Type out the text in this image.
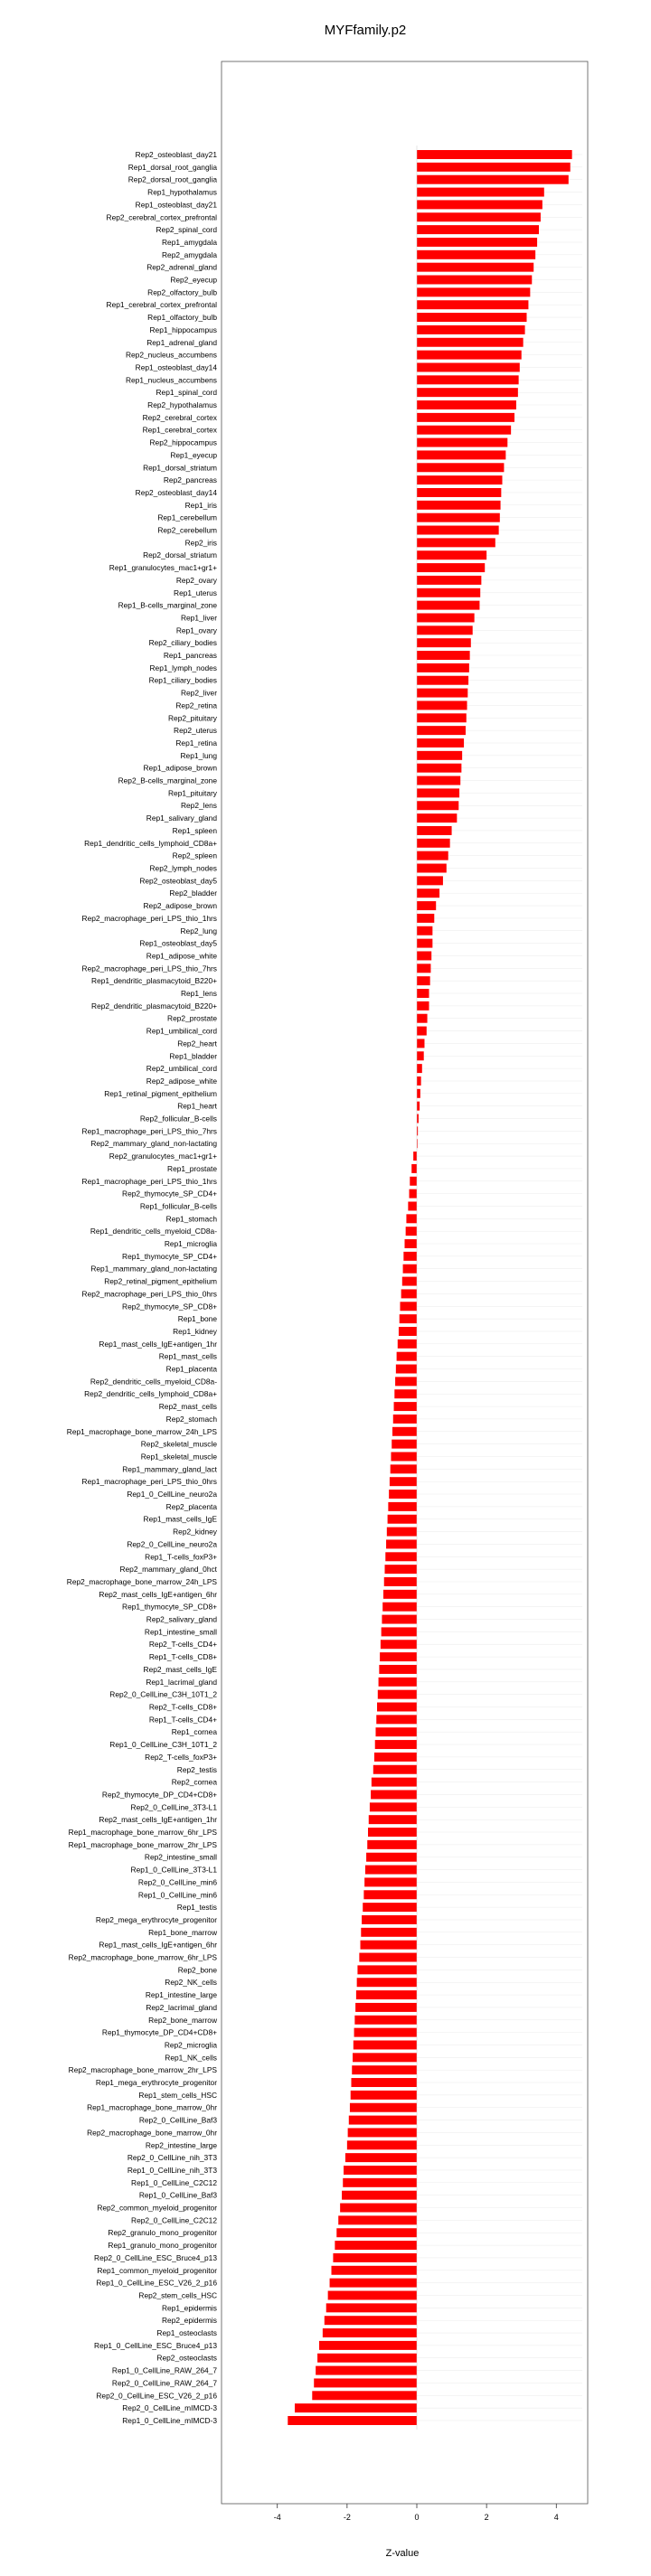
MYFfamily.p2
Rep2_osteoblast_day21
Rep1_dorsal_root_ganglia
Rep2_dorsal_root_ganglia
Rep1_hypothalamus
Rep1_osteoblast_day21
Rep2_cerebral_cortex_prefrontal
Rep2_spinal_cord
Rep1_amygdala
Rep2_amygdala
Rep2_adrenal_gland
Rep2_eyecup
Rep2_olfactory_bulb
Rep1_cerebral_cortex_prefrontal
Rep1_olfactory_bulb
Rep1_hippocampus
Rep1_adrenal_gland
Rep2_nucleus_accumbens
Rep1_osteoblast_day14
Rep1_nucleus_accumbens
Rep1_spinal_cord
Rep2_hypothalamus
Rep2_cerebral_cortex
Rep1_cerebral_cortex
Rep2_hippocampus
Rep1_eyecup
Rep1_dorsal_striatum
Rep2_pancreas
Rep2_osteoblast_day14
Rep1_iris
Rep1_cerebellum
Rep2_cerebellum
Rep2_iris
Rep2_dorsal_striatum
Rep1_granulocytes_mac1+gr1+
Rep2_ovary
Rep1_uterus
Rep1_B-cells_marginal_zone
Rep1_liver
Rep1_ovary
Rep2_ciliary_bodies
Rep1_pancreas
Rep1_lymph_nodes
Rep1_ciliary_bodies
Rep2_liver
Rep2_retina
Rep2_pituitary
Rep2_uterus
Rep1_retina
Rep1_lung
Rep1_adipose_brown
Rep2_B-cells_marginal_zone
Rep1_pituitary
Rep2_lens
Rep1_salivary_gland
Rep1_spleen
Rep1_dendritic_cells_lymphoid_CD8a+
Rep2_spleen
Rep2_lymph_nodes
Rep2_osteoblast_day5
Rep2_bladder
Rep2_adipose_brown
Rep2_macrophage_peri_LPS_thio_1hrs
Rep2_lung
Rep1_osteoblast_day5
Rep1_adipose_white
Rep2_macrophage_peri_LPS_thio_7hrs
Rep1_dendritic_plasmacytoid_B220+
Rep1_lens
Rep2_dendritic_plasmacytoid_B220+
Rep2_prostate
Rep1_umbilical_cord
Rep2_heart
Rep1_bladder
Rep2_umbilical_cord
Rep2_adipose_white
Rep1_retinal_pigment_epithelium
Rep1_heart
Rep2_follicular_B-cells
Rep1_macrophage_peri_LPS_thio_7hrs
Rep2_mammary_gland_non-lactating
Rep2_granulocytes_mac1+gr1+
Rep1_prostate
Rep1_macrophage_peri_LPS_thio_1hrs
Rep2_thymocyte_SP_CD4+
Rep1_follicular_B-cells
Rep1_stomach
Rep1_dendritic_cells_myeloid_CD8a-
Rep1_microglia
Rep1_thymocyte_SP_CD4+
Rep1_mammary_gland_non-lactating
Rep2_retinal_pigment_epithelium
Rep2_macrophage_peri_LPS_thio_0hrs
Rep2_thymocyte_SP_CD8+
Rep1_bone
Rep1_kidney
Rep1_mast_cells_IgE+antigen_1hr
Rep1_mast_cells
Rep1_placenta
Rep2_dendritic_cells_myeloid_CD8a-
Rep2_dendritic_cells_lymphoid_CD8a+
Rep2_mast_cells
Rep2_stomach
Rep1_macrophage_bone_marrow_24h_LPS
Rep2_skeletal_muscle
Rep1_skeletal_muscle
Rep1_mammary_gland_lact
Rep1_macrophage_peri_LPS_thio_0hrs
Rep1_0_CellLine_neuro2a
Rep2_placenta
Rep1_mast_cells_IgE
Rep2_kidney
Rep2_0_CellLine_neuro2a
Rep1_T-cells_foxP3+
Rep2_mammary_gland_0hct
Rep2_macrophage_bone_marrow_24h_LPS
Rep2_mast_cells_IgE+antigen_6hr
Rep1_thymocyte_SP_CD8+
Rep2_salivary_gland
Rep1_intestine_small
Rep2_T-cells_CD4+
Rep1_T-cells_CD8+
Rep2_mast_cells_IgE
Rep1_lacrimal_gland
Rep2_0_CellLine_C3H_10T1_2
Rep2_T-cells_CD8+
Rep1_T-cells_CD4+
Rep1_cornea
Rep1_0_CellLine_C3H_10T1_2
Rep2_T-cells_foxP3+
Rep2_testis
Rep2_cornea
Rep2_thymocyte_DP_CD4+CD8+
Rep2_0_CellLine_3T3-L1
Rep2_mast_cells_IgE+antigen_1hr
Rep1_macrophage_bone_marrow_6hr_LPS
Rep1_macrophage_bone_marrow_2hr_LPS
Rep2_intestine_small
Rep1_0_CellLine_3T3-L1
Rep2_0_CellLine_min6
Rep1_0_CellLine_min6
Rep1_testis
Rep2_mega_erythrocyte_progenitor
Rep1_bone_marrow
Rep1_mast_cells_IgE+antigen_6hr
Rep2_macrophage_bone_marrow_6hr_LPS
Rep2_bone
Rep2_NK_cells
Rep1_intestine_large
Rep2_lacrimal_gland
Rep2_bone_marrow
Rep1_thymocyte_DP_CD4+CD8+
Rep2_microglia
Rep1_NK_cells
Rep2_macrophage_bone_marrow_2hr_LPS
Rep1_mega_erythrocyte_progenitor
Rep1_stem_cells_HSC
Rep1_macrophage_bone_marrow_0hr
Rep2_0_CellLine_Baf3
Rep2_macrophage_bone_marrow_0hr
Rep2_intestine_large
Rep2_0_CellLine_nih_3T3
Rep1_0_CellLine_nih_3T3
Rep1_0_CellLine_C2C12
Rep1_0_CellLine_Baf3
Rep2_common_myeloid_progenitor
Rep2_0_CellLine_C2C12
Rep2_granulo_mono_progenitor
Rep1_granulo_mono_progenitor
Rep2_0_CellLine_ESC_Bruce4_p13
Rep1_common_myeloid_progenitor
Rep1_0_CellLine_ESC_V26_2_p16
Rep2_stem_cells_HSC
Rep1_epidermis
Rep2_epidermis
Rep1_osteoclasts
Rep1_0_CellLine_ESC_Bruce4_p13
Rep2_osteoclasts
Rep1_0_CellLine_RAW_264_7
Rep2_0_CellLine_RAW_264_7
Rep2_0_CellLine_ESC_V26_2_p16
Rep2_0_CellLine_mIMCD-3
Rep1_0_CellLine_mIMCD-3
-4	-2	0	2	4
Z-value
